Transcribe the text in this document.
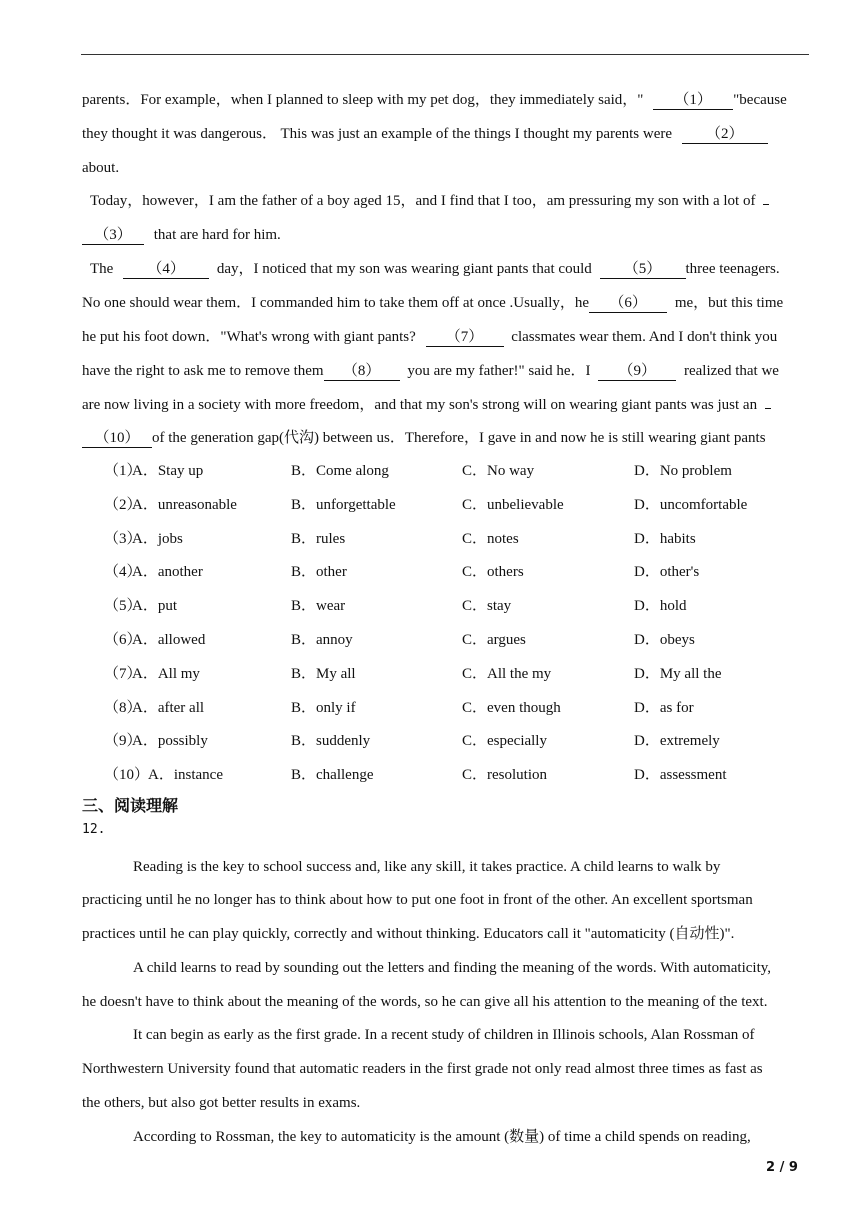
parents．For example，when I planned to sleep with my pet dog，they immediately said，" （1） "because
they thought it was dangerous． This was just an example of the things I thought my parents were （2）
about.
Today，however，I am the father of a boy aged 15，and I find that I too，am pressuring my son with a lot of
（3） that are hard for him.
The （4） day，I noticed that my son was wearing giant pants that could （5） three teenagers.
No one should wear them．I commanded him to take them off at once .Usually，he （6） me，but this time
he put his foot down．"What's wrong with giant pants? （7） classmates wear them. And I don't think you
have the right to ask me to remove them （8） you are my father!" said he．I （9） realized that we
are now living in a society with more freedom，and that my son's strong will on wearing giant pants was just an
（10） of the generation gap(代沟) between us．Therefore，I gave in and now he is still wearing giant pants
（1）
A．Stay up	B．Come along	C．No way	D．No problem
（2）
A．unreasonable	B．unforgettable	C．unbelievable	D．uncomfortable
（3）
A．jobs	B．rules	C．notes	D．habits
（4）
A．another	B．other	C．others	D．other's
（5）
A．put	B．wear	C．stay	D．hold
（6）
A．allowed	B．annoy	C．argues	D．obeys
（7）
A．All my	B．My all	C．All the my	D．My all the
（8）
A．after all	B．only if	C．even though	D．as for
（9）
A．possibly	B．suddenly	C．especially	D．extremely
（10）
A．instance	B．challenge	C．resolution	D．assessment
三、阅读理解
12.
Reading is the key to school success and, like any skill, it takes practice. A child learns to walk by
practicing until he no longer has to think about how to put one foot in front of the other. An excellent sportsman
practices until he can play quickly, correctly and without thinking. Educators call it "automaticity (自动性)".
A child learns to read by sounding out the letters and finding the meaning of the words. With automaticity,
he doesn't have to think about the meaning of the words, so he can give all his attention to the meaning of the text.
It can begin as early as the first grade. In a recent study of children in Illinois schools, Alan Rossman of
Northwestern University found that automatic readers in the first grade not only read almost three times as fast as
the others, but also got better results in exams.
According to Rossman, the key to automaticity is the amount (数量) of time a child spends on reading,
2 / 9
